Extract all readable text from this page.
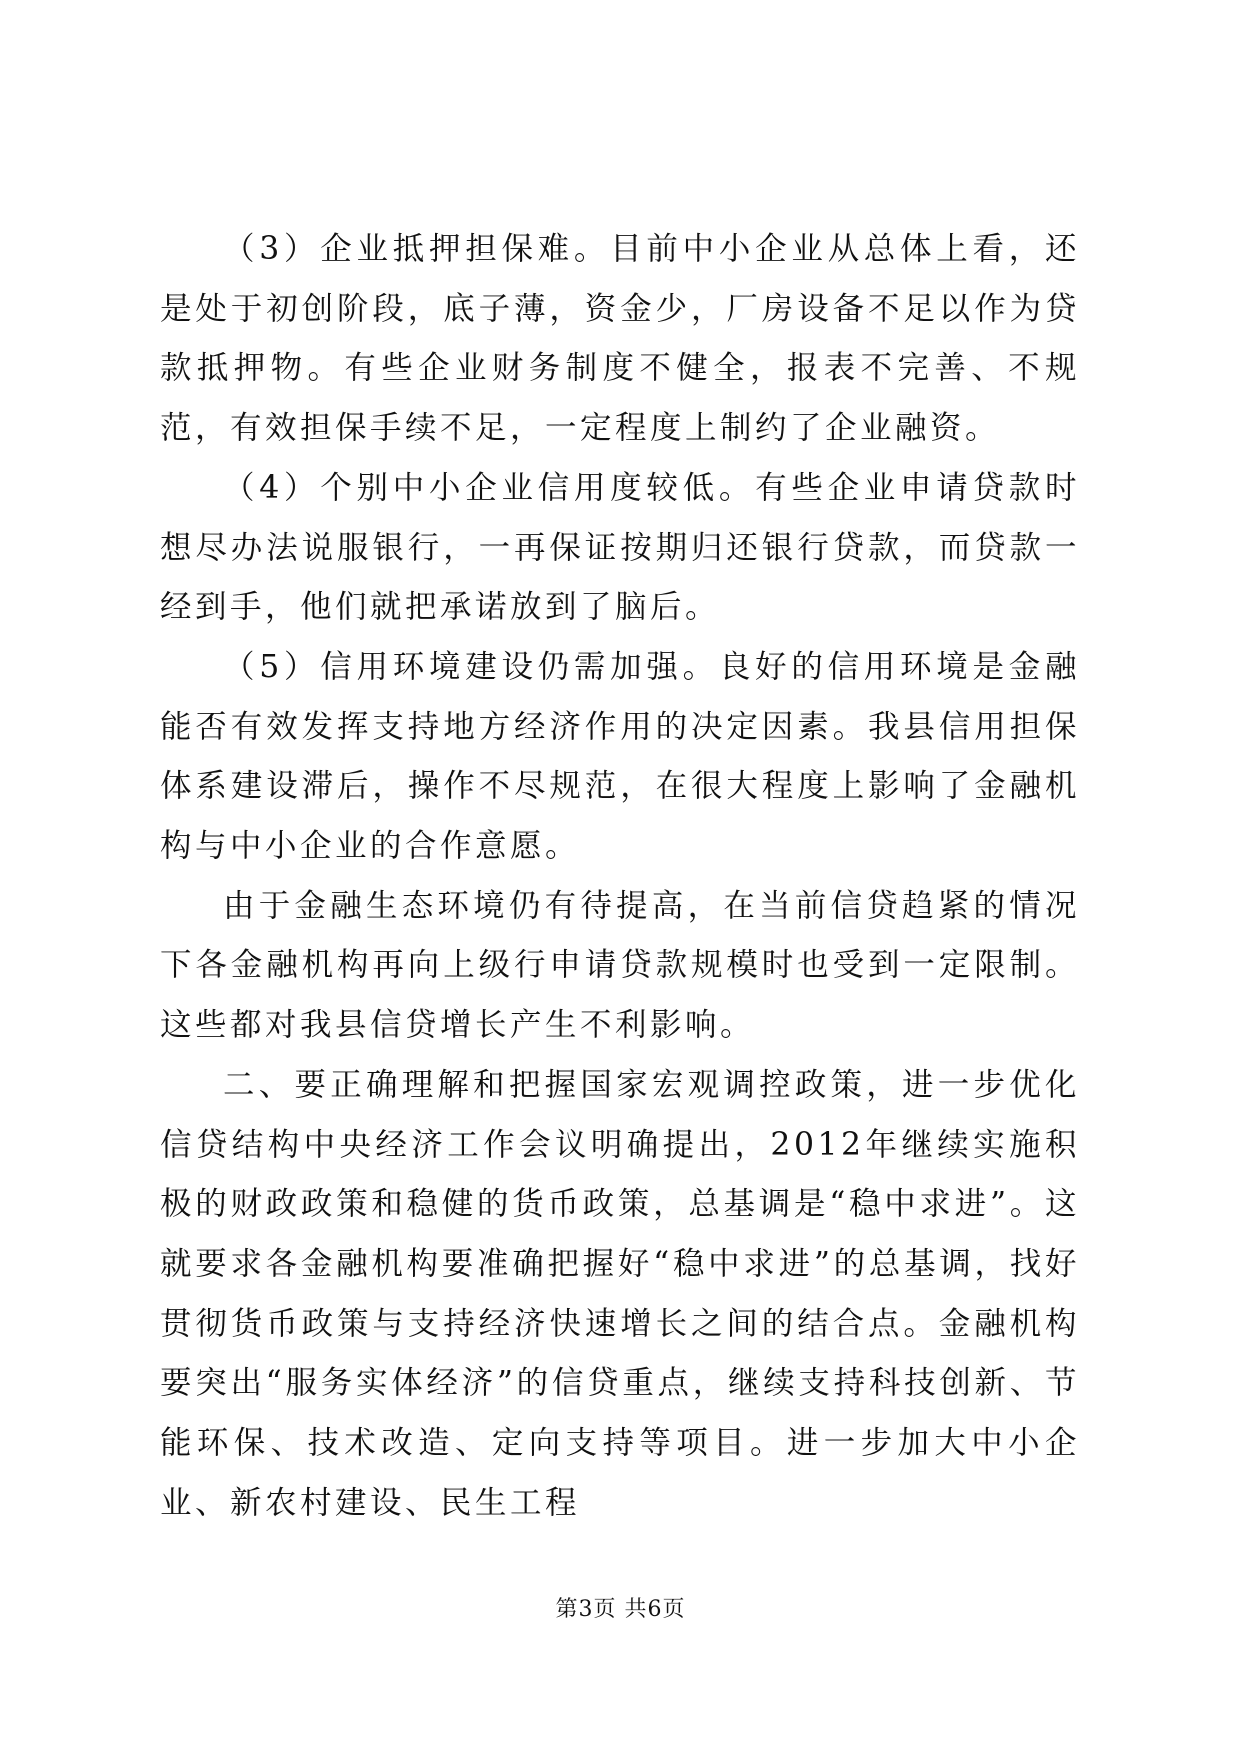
（3）企业抵押担保难。目前中小企业从总体上看，还是处于初创阶段，底子薄，资金少，厂房设备不足以作为贷款抵押物。有些企业财务制度不健全，报表不完善、不规范，有效担保手续不足，一定程度上制约了企业融资。

（4）个别中小企业信用度较低。有些企业申请贷款时想尽办法说服银行，一再保证按期归还银行贷款，而贷款一经到手，他们就把承诺放到了脑后。

（5）信用环境建设仍需加强。良好的信用环境是金融能否有效发挥支持地方经济作用的决定因素。我县信用担保体系建设滞后，操作不尽规范，在很大程度上影响了金融机构与中小企业的合作意愿。

由于金融生态环境仍有待提高，在当前信贷趋紧的情况下各金融机构再向上级行申请贷款规模时也受到一定限制。这些都对我县信贷增长产生不利影响。

二、要正确理解和把握国家宏观调控政策，进一步优化信贷结构中央经济工作会议明确提出，2012年继续实施积极的财政政策和稳健的货币政策，总基调是“稳中求进”。这就要求各金融机构要准确把握好“稳中求进”的总基调，找好贯彻货币政策与支持经济快速增长之间的结合点。金融机构要突出“服务实体经济”的信贷重点，继续支持科技创新、节能环保、技术改造、定向支持等项目。进一步加大中小企业、新农村建设、民生工程

第3页 共6页
